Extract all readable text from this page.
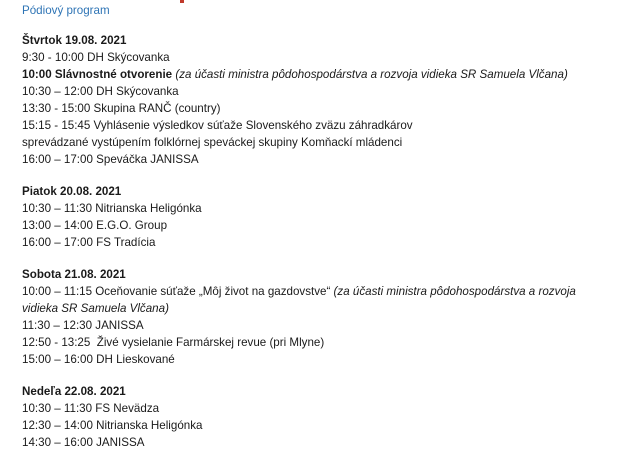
Pódiový program
Štvrtok 19.08. 2021
9:30 - 10:00 DH Skýcovanka
10:00 Slávnostné otvorenie (za účasti ministra pôdohospodárstva a rozvoja vidieka SR Samuela Vlčana)
10:30 – 12:00 DH Skýcovanka
13:30 - 15:00 Skupina RANČ (country)
15:15 - 15:45 Vyhlásenie výsledkov súťaže Slovenského zväzu záhradkárov
sprevádzané vystúpením folklórnej speváckej skupiny Komňackí mládenci
16:00 – 17:00 Speváčka JANISSA
Piatok 20.08. 2021
10:30 – 11:30 Nitrianska Heligónka
13:00 – 14:00 E.G.O. Group
16:00 – 17:00 FS Tradícia
Sobota 21.08. 2021
10:00 – 11:15 Oceňovanie súťaže „Môj život na gazdovstve“ (za účasti ministra pôdohospodárstva a rozvoja
vidieka SR Samuela Vlčana)
11:30 – 12:30 JANISSA
12:50 - 13:25  Živé vysielanie Farmárskej revue (pri Mlyne)
15:00 – 16:00 DH Lieskované
Nedeľa 22.08. 2021
10:30 – 11:30 FS Nevädza
12:30 – 14:00 Nitrianska Heligónka
14:30 – 16:00 JANISSA
